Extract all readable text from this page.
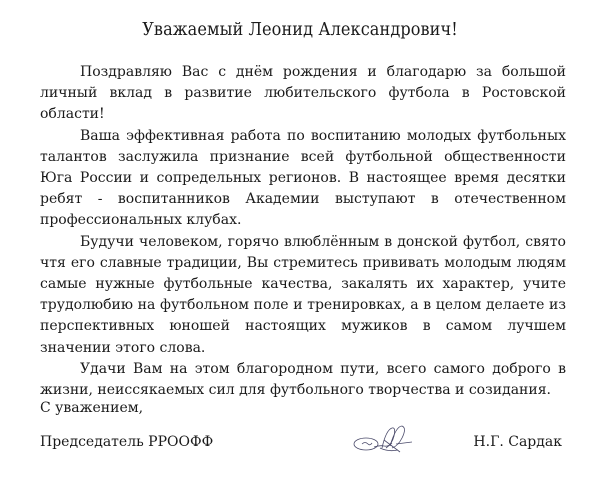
Уважаемый Леонид Александрович!

Поздравляю Вас с днём рождения и благодарю за большой личный вклад в развитие любительского футбола в Ростовской области!

Ваша эффективная работа по воспитанию молодых футбольных талантов заслужила признание всей футбольной общественности Юга России и сопредельных регионов. В настоящее время десятки ребят - воспитанников Академии выступают в отечественном профессиональных клубах.

Будучи человеком, горячо влюблённым в донской футбол, свято чтя его славные традиции, Вы стремитесь прививать молодым людям самые нужные футбольные качества, закалять их характер, учите трудолюбию на футбольном поле и тренировках, а в целом делаете из перспективных юношей настоящих мужиков в самом лучшем значении этого слова.

Удачи Вам на этом благородном пути, всего самого доброго в жизни, неиссякаемых сил для футбольного творчества и созидания.

С уважением,
Председатель РРООФФ	Н.Г. Сардак
